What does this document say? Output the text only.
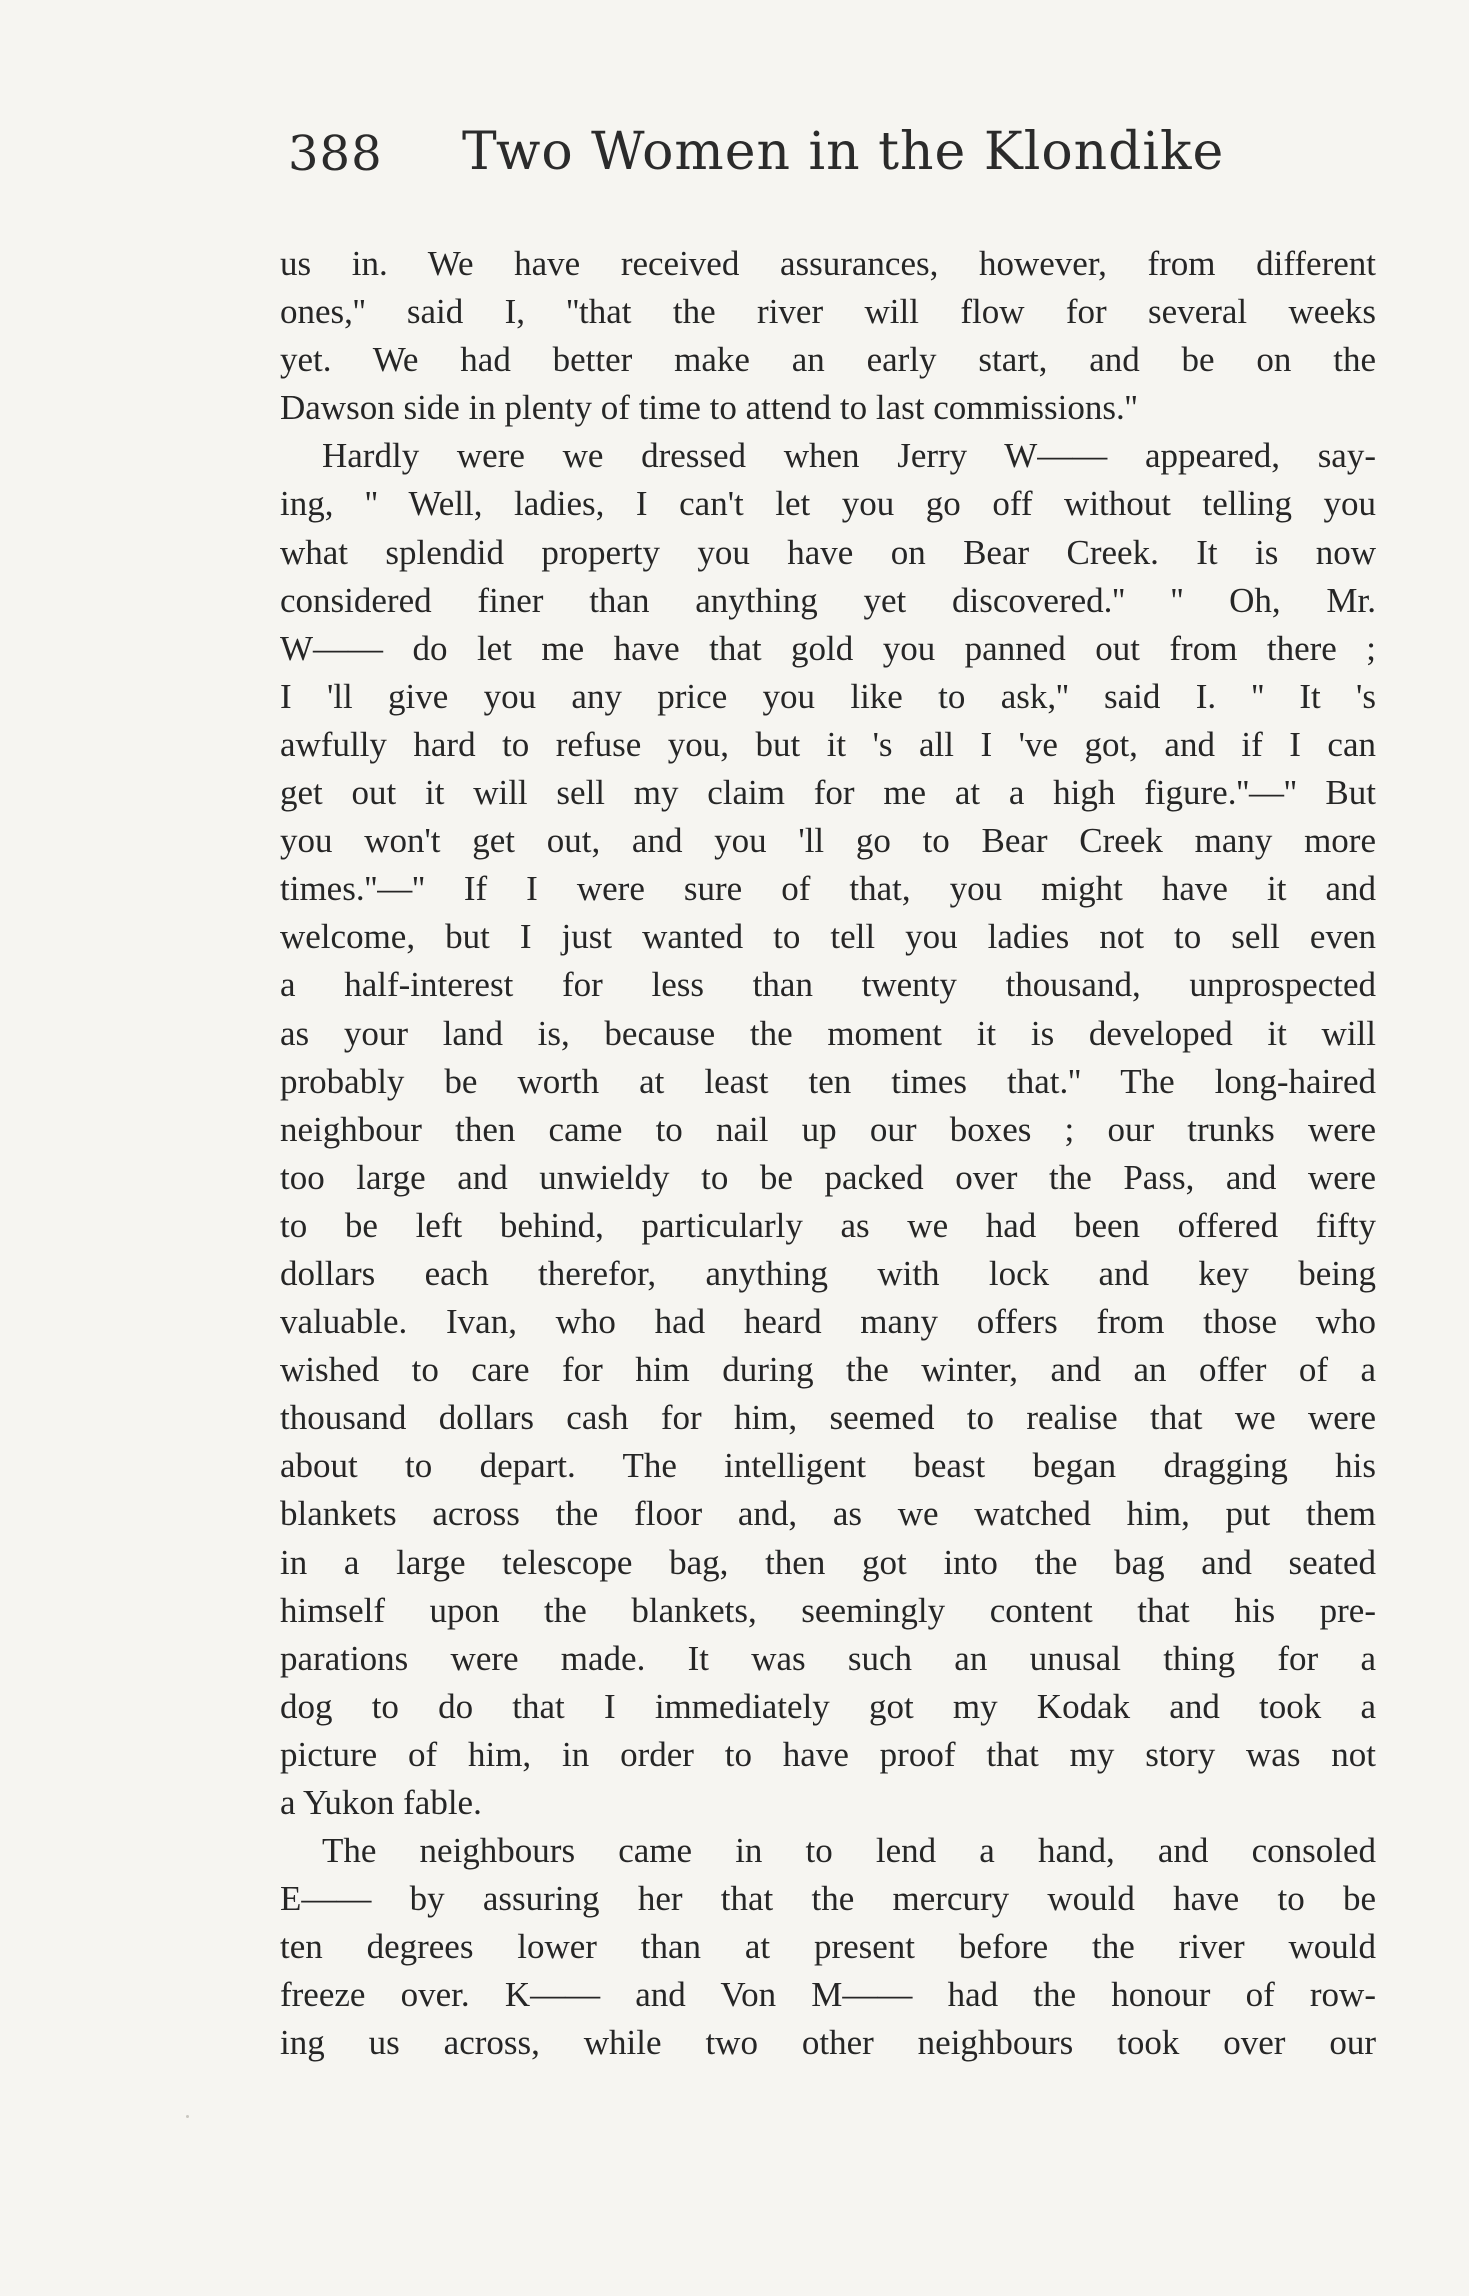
388 Two Women in the Klondike
us in. We have received assurances, however, from different
ones,'' said I, ''that the river will flow for several weeks
yet. We had better make an early start, and be on the
Dawson side in plenty of time to attend to last commissions.''
Hardly were we dressed when Jerry W—— appeared, say-
ing, '' Well, ladies, I can't let you go off without telling you
what splendid property you have on Bear Creek. It is now
considered finer than anything yet discovered.'' '' Oh, Mr.
W—— do let me have that gold you panned out from there ;
I 'll give you any price you like to ask,'' said I. '' It 's
awfully hard to refuse you, but it 's all I 've got, and if I can
get out it will sell my claim for me at a high figure.''—'' But
you won't get out, and you 'll go to Bear Creek many more
times.''—'' If I were sure of that, you might have it and
welcome, but I just wanted to tell you ladies not to sell even
a half-interest for less than twenty thousand, unprospected
as your land is, because the moment it is developed it will
probably be worth at least ten times that.'' The long-haired
neighbour then came to nail up our boxes ; our trunks were
too large and unwieldy to be packed over the Pass, and were
to be left behind, particularly as we had been offered fifty
dollars each therefor, anything with lock and key being
valuable. Ivan, who had heard many offers from those who
wished to care for him during the winter, and an offer of a
thousand dollars cash for him, seemed to realise that we were
about to depart. The intelligent beast began dragging his
blankets across the floor and, as we watched him, put them
in a large telescope bag, then got into the bag and seated
himself upon the blankets, seemingly content that his pre-
parations were made. It was such an unusal thing for a
dog to do that I immediately got my Kodak and took a
picture of him, in order to have proof that my story was not
a Yukon fable.
The neighbours came in to lend a hand, and consoled
E—— by assuring her that the mercury would have to be
ten degrees lower than at present before the river would
freeze over. K—— and Von M—— had the honour of row-
ing us across, while two other neighbours took over our
